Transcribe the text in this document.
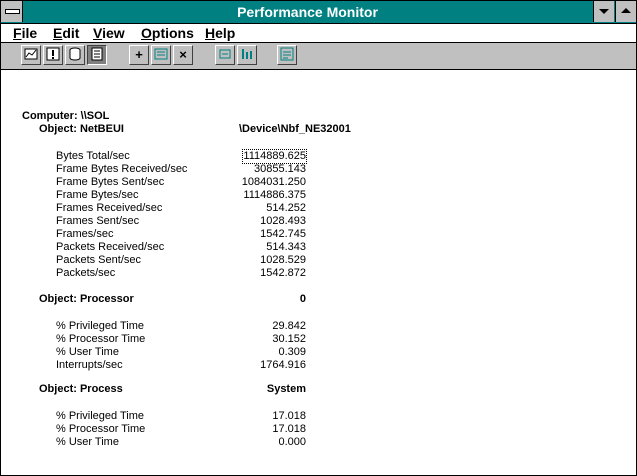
Performance Monitor
File Edit View Options Help
+	×
Computer: \\SOL
Object: NetBEUI	\Device\Nbf_NE32001
Bytes Total/sec	1114889.625
Frame Bytes Received/sec	30855.143
Frame Bytes Sent/sec	1084031.250
Frame Bytes/sec	1114886.375
Frames Received/sec	514.252
Frames Sent/sec	1028.493
Frames/sec	1542.745
Packets Received/sec	514.343
Packets Sent/sec	1028.529
Packets/sec	1542.872
Object: Processor	0
% Privileged Time	29.842
% Processor Time	30.152
% User Time	0.309
Interrupts/sec	1764.916
Object: Process	System
% Privileged Time	17.018
% Processor Time	17.018
% User Time	0.000
